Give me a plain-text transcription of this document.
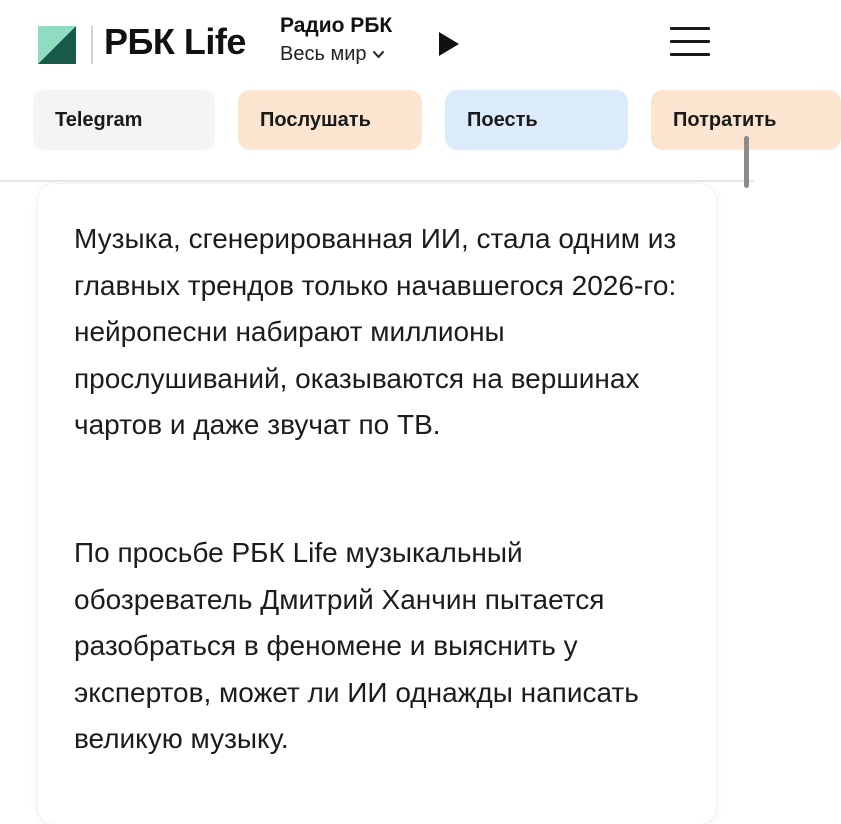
РБК Life Радио РБК
Весь мир
Telegram	Послушать	Поесть	Потратить

Музыка, сгенерированная ИИ, стала одним из главных трендов только начавшегося 2026-го: нейропесни набирают миллионы прослушиваний, оказываются на вершинах чартов и даже звучат по ТВ.

По просьбе РБК Life музыкальный обозреватель Дмитрий Ханчин пытается разобраться в феномене и выяснить у экспертов, может ли ИИ однажды написать великую музыку.
